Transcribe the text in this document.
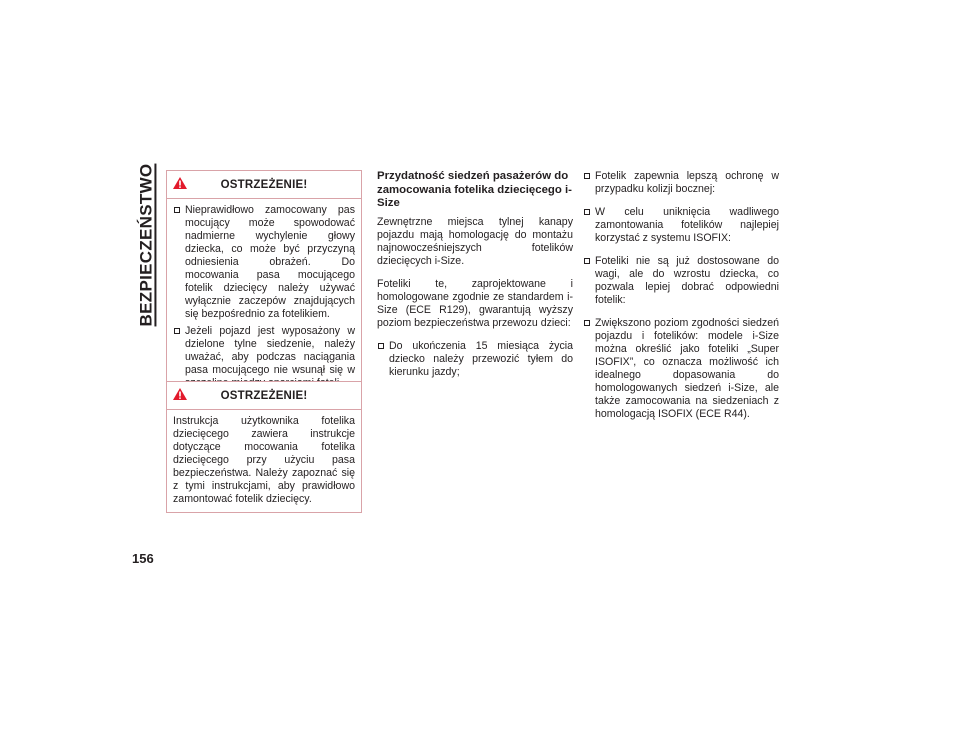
BEZPIECZEŃSTWO	OSTRZEŻENIE!
Nieprawidłowo zamocowany pas mocujący może spowodować nadmierne wychylenie głowy dziecka, co może być przyczyną odniesienia obrażeń. Do mocowania pasa mocującego fotelik dziecięcy należy używać wyłącznie zaczepów znajdujących się bezpośrednio za fotelikiem.
Jeżeli pojazd jest wyposażony w dzielone tylne siedzenie, należy uważać, aby podczas naciągania pasa mocującego nie wsunął się w
OSTRZEŻENIE!

Instrukcja użytkownika fotelika dziecięcego zawiera instrukcje dotyczące mocowania fotelika dziecięcego przy użyciu pasa bezpieczeństwa. Należy zapoznać się z tymi instrukcjami, aby prawidłowo zamontować fotelik dziecięcy.

Przydatność siedzeń pasażerów do zamocowania fotelika dziecięcego i-Size

Zewnętrzne miejsca tylnej kanapy pojazdu mają homologację do montażu najnowocześniejszych fotelików dziecięcych i-Size.

Foteliki te, zaprojektowane i homologowane zgodnie ze standardem i-Size (ECE R129), gwarantują wyższy poziom bezpieczeństwa przewozu dzieci:

Do ukończenia 15 miesiąca życia dziecko należy przewozić tyłem do kierunku jazdy;
Fotelik zapewnia lepszą ochronę w przypadku kolizji bocznej:
W celu uniknięcia wadliwego zamontowania fotelików najlepiej korzystać z systemu ISOFIX:
Foteliki nie są już dostosowane do wagi, ale do wzrostu dziecka, co pozwala lepiej dobrać odpowiedni fotelik:
Zwiększono poziom zgodności siedzeń pojazdu i fotelików: modele i-Size można określić jako foteliki „Super ISOFIX”, co oznacza możliwość ich idealnego dopasowania do homologowanych siedzeń i-Size, ale także zamocowania na siedzeniach z homologacją ISOFIX (ECE R44).
156
